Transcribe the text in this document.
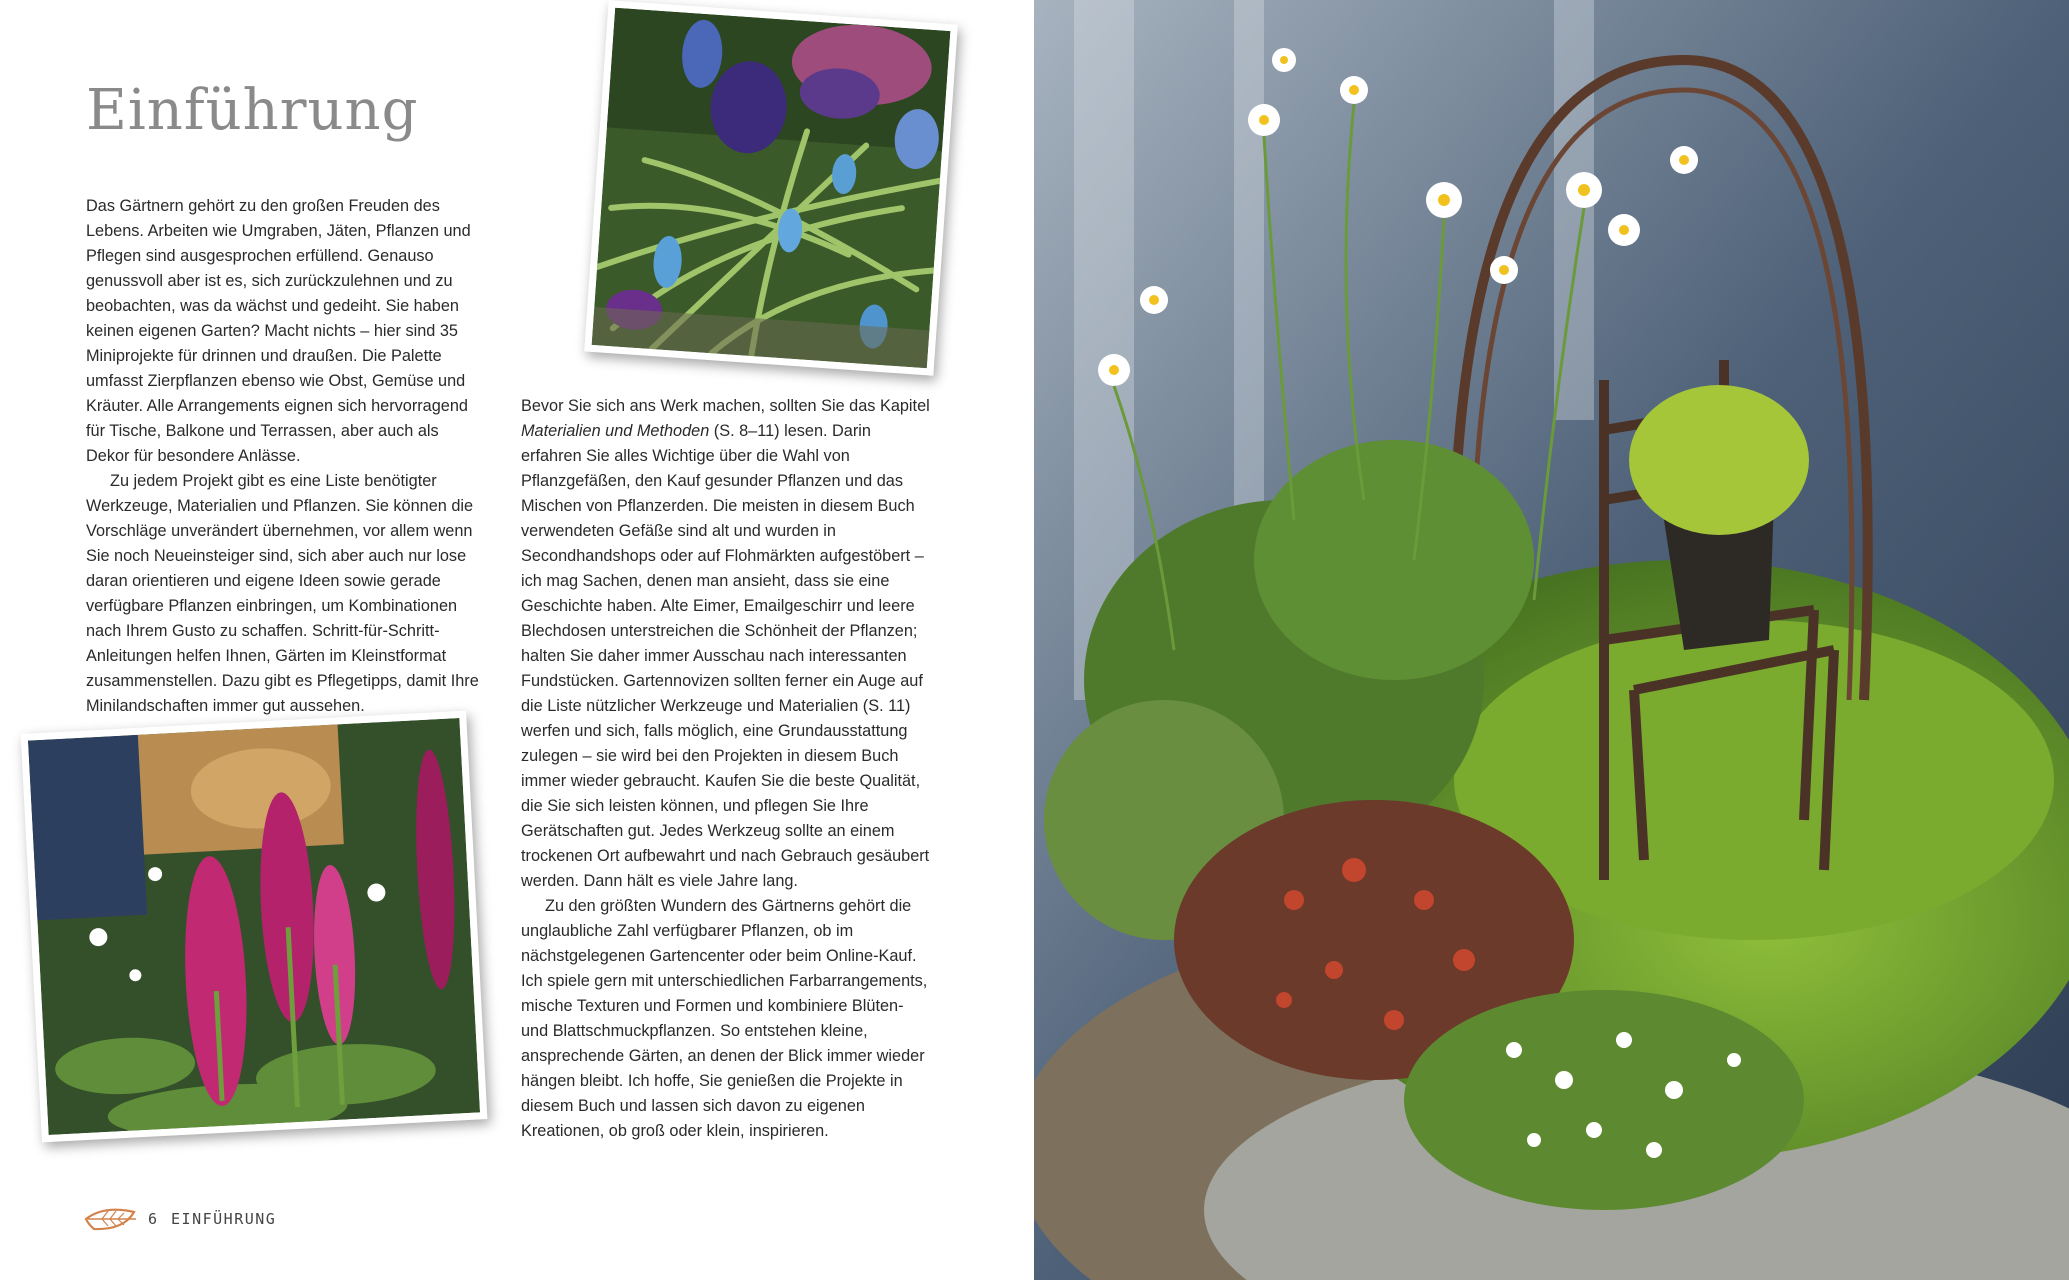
Einführung

Das Gärtnern gehört zu den großen Freuden des Lebens. Arbeiten wie Umgraben, Jäten, Pflanzen und Pflegen sind ausgesprochen erfüllend. Genauso genussvoll aber ist es, sich zurückzulehnen und zu beobachten, was da wächst und gedeiht. Sie haben keinen eigenen Garten? Macht nichts – hier sind 35 Miniprojekte für drinnen und draußen. Die Palette umfasst Zierpflanzen ebenso wie Obst, Gemüse und Kräuter. Alle Arrangements eignen sich hervorragend für Tische, Balkone und Terrassen, aber auch als Dekor für besondere Anlässe.

Zu jedem Projekt gibt es eine Liste benötigter Werkzeuge, Materialien und Pflanzen. Sie können die Vorschläge unverändert übernehmen, vor allem wenn Sie noch Neueinsteiger sind, sich aber auch nur lose daran orientieren und eigene Ideen sowie gerade verfügbare Pflanzen einbringen, um Kombinationen nach Ihrem Gusto zu schaffen. Schritt-für-Schritt-Anleitungen helfen Ihnen, Gärten im Kleinstformat zusammenstellen. Dazu gibt es Pflegetipps, damit Ihre Minilandschaften immer gut aussehen.

Bevor Sie sich ans Werk machen, sollten Sie das Kapitel Materialien und Methoden (S. 8–11) lesen. Darin erfahren Sie alles Wichtige über die Wahl von Pflanzgefäßen, den Kauf gesunder Pflanzen und das Mischen von Pflanzerden. Die meisten in diesem Buch verwendeten Gefäße sind alt und wurden in Secondhandshops oder auf Flohmärkten aufgestöbert – ich mag Sachen, denen man ansieht, dass sie eine Geschichte haben. Alte Eimer, Emailgeschirr und leere Blechdosen unterstreichen die Schönheit der Pflanzen; halten Sie daher immer Ausschau nach interessanten Fundstücken. Gartennovizen sollten ferner ein Auge auf die Liste nützlicher Werkzeuge und Materialien (S. 11) werfen und sich, falls möglich, eine Grundausstattung zulegen – sie wird bei den Projekten in diesem Buch immer wieder gebraucht. Kaufen Sie die beste Qualität, die Sie sich leisten können, und pflegen Sie Ihre Gerätschaften gut. Jedes Werkzeug sollte an einem trockenen Ort aufbewahrt und nach Gebrauch gesäubert werden. Dann hält es viele Jahre lang.

Zu den größten Wundern des Gärtnerns gehört die unglaubliche Zahl verfügbarer Pflanzen, ob im nächstgelegenen Gartencenter oder beim Online-Kauf. Ich spiele gern mit unterschiedlichen Farbarrangements, mische Texturen und Formen und kombiniere Blüten- und Blattschmuckpflanzen. So entstehen kleine, ansprechende Gärten, an denen der Blick immer wieder hängen bleibt. Ich hoffe, Sie genießen die Projekte in diesem Buch und lassen sich davon zu eigenen Kreationen, ob groß oder klein, inspirieren.

6 EINFÜHRUNG
